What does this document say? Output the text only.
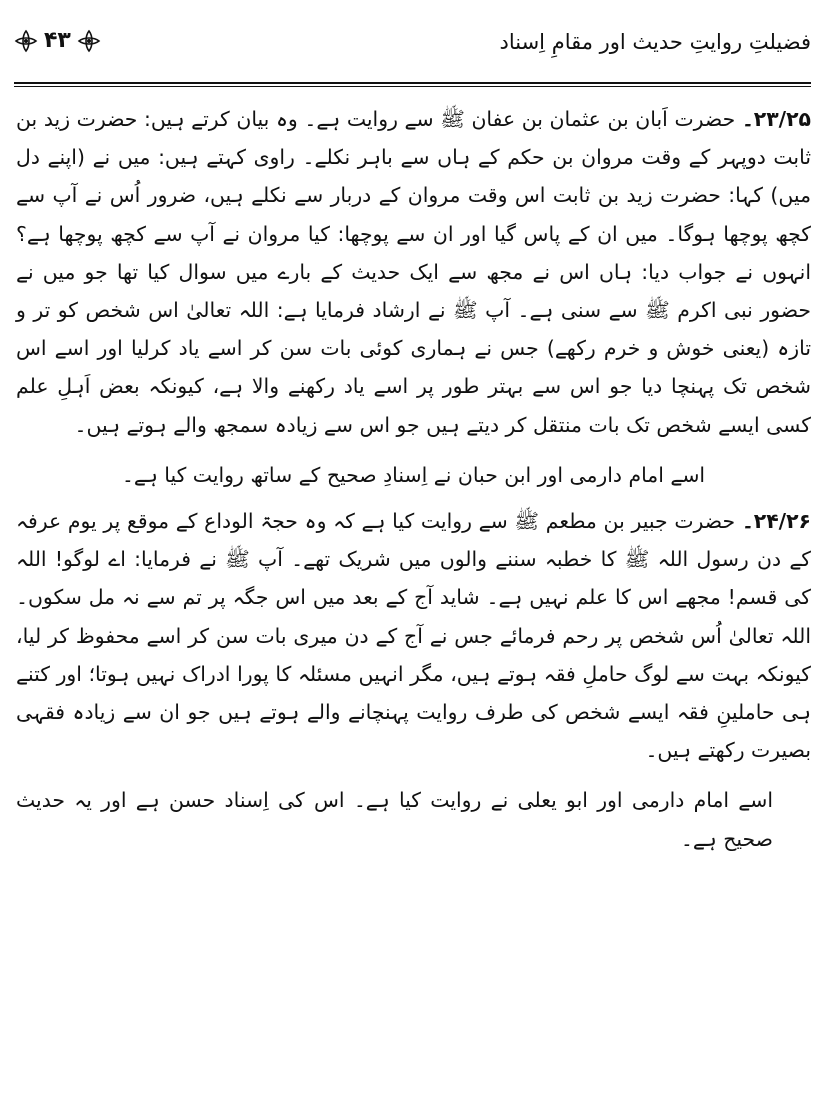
۴۳	فضیلتِ روایتِ حدیث اور مقامِ اِسناد

۲۳/۲۵۔ حضرت اَبان بن عثمان بن عفان ﷺ سے روایت ہے۔ وہ بیان کرتے ہیں: حضرت زید بن ثابت دوپہر کے وقت مروان بن حکم کے ہاں سے باہر نکلے۔ راوی کہتے ہیں: میں نے (اپنے دل میں) کہا: حضرت زید بن ثابت اس وقت مروان کے دربار سے نکلے ہیں، ضرور اُس نے آپ سے کچھ پوچھا ہوگا۔ میں ان کے پاس گیا اور ان سے پوچھا: کیا مروان نے آپ سے کچھ پوچھا ہے؟ انہوں نے جواب دیا: ہاں اس نے مجھ سے ایک حدیث کے بارے میں سوال کیا تھا جو میں نے حضور نبی اکرم ﷺ سے سنی ہے۔ آپ ﷺ نے ارشاد فرمایا ہے: اللہ تعالیٰ اس شخص کو تر و تازہ (یعنی خوش و خرم رکھے) جس نے ہماری کوئی بات سن کر اسے یاد کرلیا اور اسے اس شخص تک پہنچا دیا جو اس سے بہتر طور پر اسے یاد رکھنے والا ہے، کیونکہ بعض اَہلِ علم کسی ایسے شخص تک بات منتقل کر دیتے ہیں جو اس سے زیادہ سمجھ والے ہوتے ہیں۔

اسے امام دارمی اور ابن حبان نے اِسنادِ صحیح کے ساتھ روایت کیا ہے۔

۲۴/۲۶۔ حضرت جبیر بن مطعم ﷺ سے روایت کیا ہے کہ وہ حجۃ الوداع کے موقع پر یوم عرفہ کے دن رسول اللہ ﷺ کا خطبہ سننے والوں میں شریک تھے۔ آپ ﷺ نے فرمایا: اے لوگو! اللہ کی قسم! مجھے اس کا علم نہیں ہے۔ شاید آج کے بعد میں اس جگہ پر تم سے نہ مل سکوں۔ اللہ تعالیٰ اُس شخص پر رحم فرمائے جس نے آج کے دن میری بات سن کر اسے محفوظ کر لیا، کیونکہ بہت سے لوگ حاملِ فقہ ہوتے ہیں، مگر انہیں مسئلہ کا پورا ادراک نہیں ہوتا؛ اور کتنے ہی حاملینِ فقہ ایسے شخص کی طرف روایت پہنچانے والے ہوتے ہیں جو ان سے زیادہ فقہی بصیرت رکھتے ہیں۔

اسے امام دارمی اور ابو یعلی نے روایت کیا ہے۔ اس کی اِسناد حسن ہے اور یہ حدیث صحیح ہے۔
